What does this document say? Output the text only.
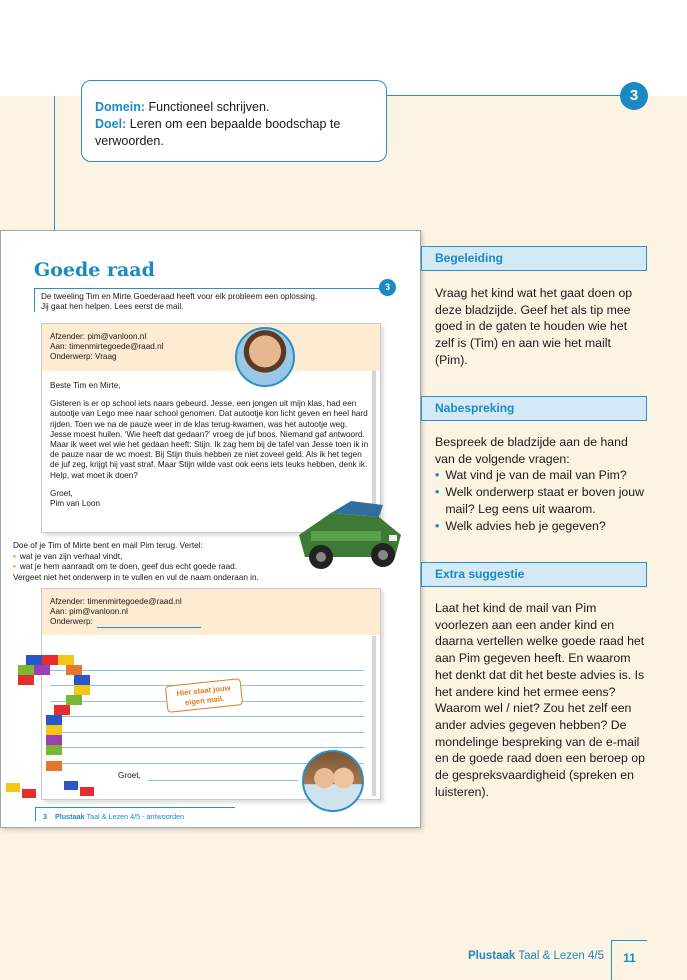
3
Domein: Functioneel schrijven.
Doel: Leren om een bepaalde boodschap te verwoorden.
Goede raad
3
De tweeling Tim en Mirte Goederaad heeft voor elk probleem een oplossing.
Jij gaat hen helpen. Lees eerst de mail.
Afzender: pim@vanloon.nl
Aan: timenmirtegoede@raad.nl
Onderwerp: Vraag

Beste Tim en Mirte,

Gisteren is er op school iets naars gebeurd. Jesse, een jongen uit mijn klas, had een autootje van Lego mee naar school genomen. Dat autootje kon licht geven en heel hard rijden. Toen we na de pauze weer in de klas terug-kwamen, was het autootje weg. Jesse moest huilen. ‘Wie heeft dat gedaan?’ vroeg de juf boos. Niemand gaf antwoord. Maar ik weet wel wie het gedaan heeft: Stijn. Ik zag hem bij de tafel van Jesse toen ik in de pauze naar de wc moest. Bij Stijn thuis hebben ze niet zoveel geld. Als ik het tegen de juf zeg, krijgt hij vast straf. Maar Stijn wilde vast ook eens iets leuks hebben, denk ik. Help, wat moet ik doen?

Groet,
Pim van Loon
Doe of je Tim of Mirte bent en mail Pim terug. Vertel:
• wat je van zijn verhaal vindt,
• wat je hem aanraadt om te doen, geef dus echt goede raad.
Vergeet niet het onderwerp in te vullen en vul de naam onderaan in.
Afzender: timenmirtegoede@raad.nl
Aan: pim@vanloon.nl
Onderwerp:
Hier staat jouw eigen mail.
Groet,
3 Plustaak Taal & Lezen 4/5 - antwoorden
Begeleiding
Vraag het kind wat het gaat doen op deze bladzijde. Geef het als tip mee goed in de gaten te houden wie het zelf is (Tim) en aan wie het mailt (Pim).
Nabespreking
Bespreek de bladzijde aan de hand van de volgende vragen:
• Wat vind je van de mail van Pim?
• Welk onderwerp staat er boven jouw mail? Leg eens uit waarom.
• Welk advies heb je gegeven?
Extra suggestie
Laat het kind de mail van Pim voorlezen aan een ander kind en daarna vertellen welke goede raad het aan Pim gegeven heeft. En waarom het denkt dat dit het beste advies is. Is het andere kind het ermee eens? Waarom wel / niet? Zou het zelf een ander advies gegeven hebben? De mondelinge bespreking van de e-mail en de goede raad doen een beroep op de gespreksvaardigheid (spreken en luisteren).
Plustaak Taal & Lezen 4/5	11
